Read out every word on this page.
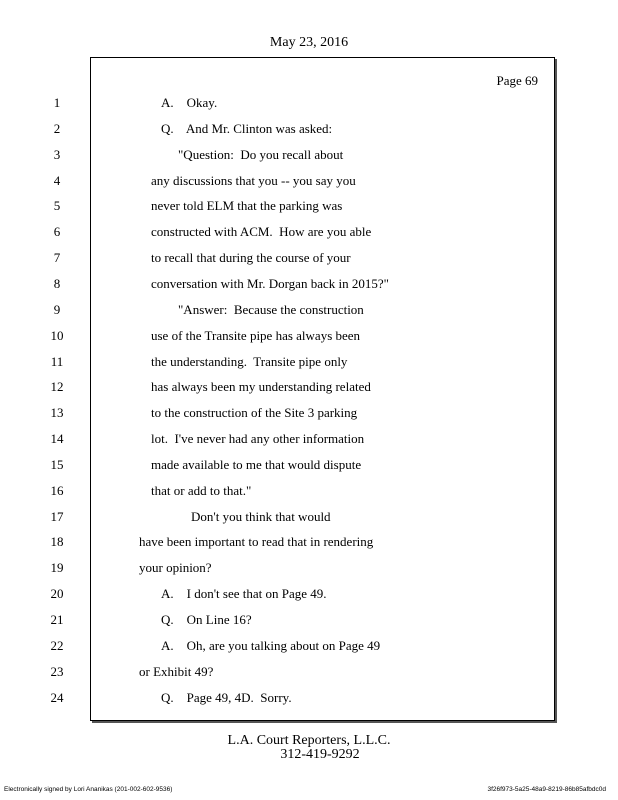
May 23, 2016
Page 69
1	A.    Okay.
2	Q.    And Mr. Clinton was asked:
3	"Question:  Do you recall about
4	any discussions that you -- you say you
5	never told ELM that the parking was
6	constructed with ACM.  How are you able
7	to recall that during the course of your
8	conversation with Mr. Dorgan back in 2015?"
9	"Answer:  Because the construction
10	use of the Transite pipe has always been
11	the understanding.  Transite pipe only
12	has always been my understanding related
13	to the construction of the Site 3 parking
14	lot.  I've never had any other information
15	made available to me that would dispute
16	that or add to that."
17	Don't you think that would
18	have been important to read that in rendering
19	your opinion?
20	A.    I don't see that on Page 49.
21	Q.    On Line 16?
22	A.    Oh, are you talking about on Page 49
23	or Exhibit 49?
24	Q.    Page 49, 4D.  Sorry.
L.A. Court Reporters, L.L.C.
312-419-9292
Electronically signed by Lori Ananikas (201-002-602-9536)	3f26f973-5a25-48a9-8219-86b85afbdc0d
